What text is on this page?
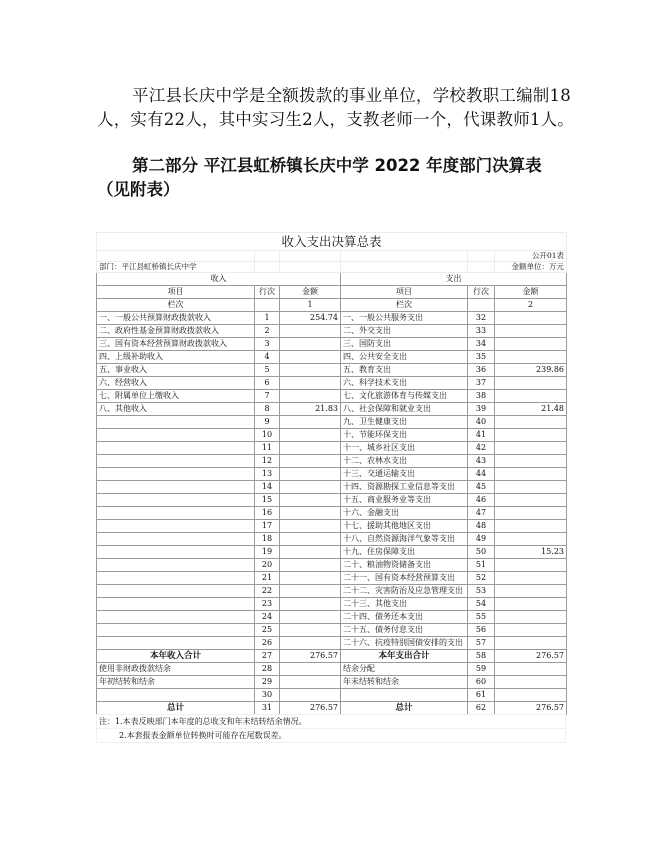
平江县长庆中学是全额拨款的事业单位，学校教职工编制18人，实有22人，其中实习生2人，支教老师一个，代课教师1人。
第二部分 平江县虹桥镇长庆中学 2022 年度部门决算表
（见附表）
收入支出决算总表					
					公开01表
部门：平江县虹桥镇长庆中学					金额单位：万元
收入			支出		
项目	行次	金额	项目	行次	金额
栏次		1	栏次		2
一、一般公共预算财政拨款收入	1	254.74	一、一般公共服务支出	32	
二、政府性基金预算财政拨款收入	2		二、外交支出	33	
三、国有资本经营预算财政拨款收入	3		三、国防支出	34	
四、上级补助收入	4		四、公共安全支出	35	
五、事业收入	5		五、教育支出	36	239.86
六、经营收入	6		六、科学技术支出	37	
七、附属单位上缴收入	7		七、文化旅游体育与传媒支出	38	
八、其他收入	8	21.83	八、社会保障和就业支出	39	21.48
	9		九、卫生健康支出	40	
	10		十、节能环保支出	41	
	11		十一、城乡社区支出	42	
	12		十二、农林水支出	43	
	13		十三、交通运输支出	44	
	14		十四、资源勘探工业信息等支出	45	
	15		十五、商业服务业等支出	46	
	16		十六、金融支出	47	
	17		十七、援助其他地区支出	48	
	18		十八、自然资源海洋气象等支出	49	
	19		十九、住房保障支出	50	15.23
	20		二十、粮油物资储备支出	51	
	21		二十一、国有资本经营预算支出	52	
	22		二十二、灾害防治及应急管理支出	53	
	23		二十三、其他支出	54	
	24		二十四、债务还本支出	55	
	25		二十五、债务付息支出	56	
	26		二十六、抗疫特别国债安排的支出	57	
本年收入合计	27	276.57	本年支出合计	58	276.57
使用非财政拨款结余	28		结余分配	59	
年初结转和结余	29		年末结转和结余	60	
	30			61	
总计	31	276.57	总计	62	276.57
注：1.本表反映部门本年度的总收支和年末结转结余情况。
2.本套报表金额单位转换时可能存在尾数误差。
